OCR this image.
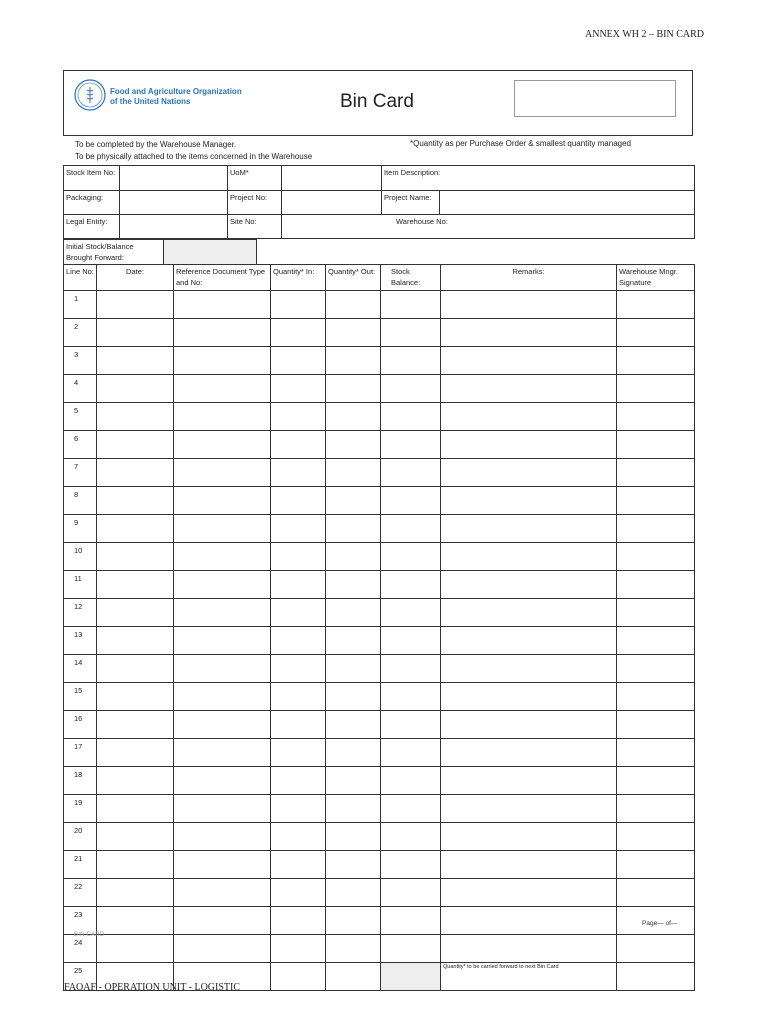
ANNEX WH 2 – BIN CARD
Food and Agriculture Organization
of the United Nations	Bin Card
To be completed by the Warehouse Manager.
To be physically attached to the items concerned in the Warehouse
*Quantity as per Purchase Order & smallest quantity managed
Stock Item No:		UoM*		Item Description:	
Packaging:		Project No:		Project Name:	
Legal Entity:		Site No:	Warehouse No:		
Initial Stock/Balance Brought Forward:	
Line No:	Date:	Reference Document Type and No:	Quantity* In:	Quantity* Out:	Stock Balance:	Remarks:	Warehouse Mngr. Signature
1							
2							
3							
4							
5							
6							
7							
8							
9							
10							
11							
12							
13							
14							
15							
16							
17							
18							
19							
20							
21							
22							
23							
24							
25						Quantity* to be carried forward to next Bin Card	
Page— of—
BIN CARD
FAOAF - OPERATION UNIT - LOGISTIC
